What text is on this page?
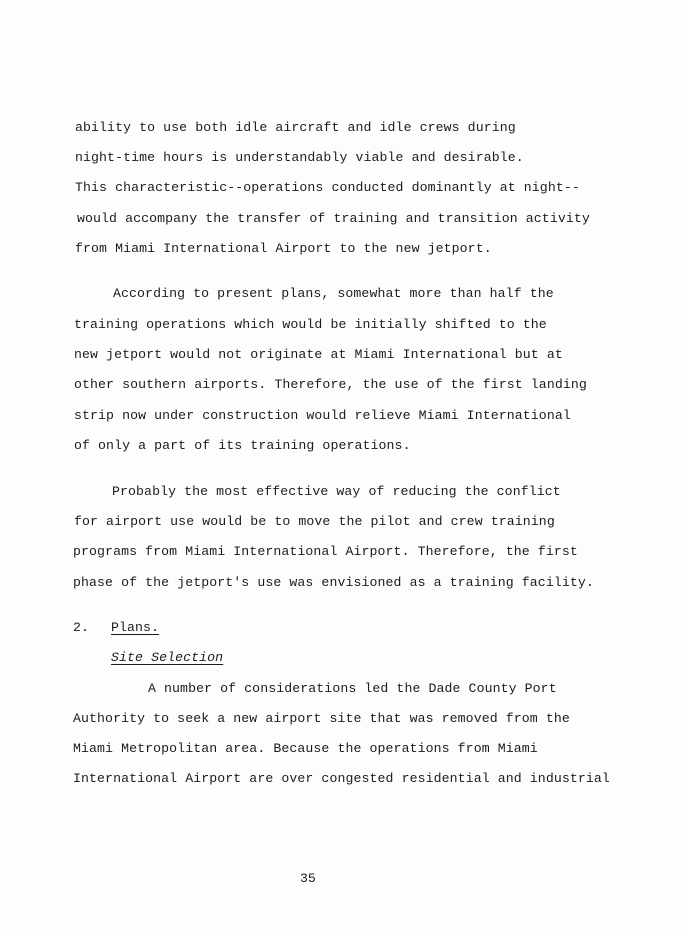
ability to use both idle aircraft and idle crews during
night-time hours is understandably viable and desirable.
This characteristic--operations conducted dominantly at night--
would accompany the transfer of training and transition activity
from Miami International Airport to the new jetport.
According to present plans, somewhat more than half the
training operations which would be initially shifted to the
new jetport would not originate at Miami International but at
other southern airports. Therefore, the use of the first landing
strip now under construction would relieve Miami International
of only a part of its training operations.
Probably the most effective way of reducing the conflict
for airport use would be to move the pilot and crew training
programs from Miami International Airport. Therefore, the first
phase of the jetport's use was envisioned as a training facility.
2. Plans.
Site Selection
A number of considerations led the Dade County Port
Authority to seek a new airport site that was removed from the
Miami Metropolitan area. Because the operations from Miami
International Airport are over congested residential and industrial
35
